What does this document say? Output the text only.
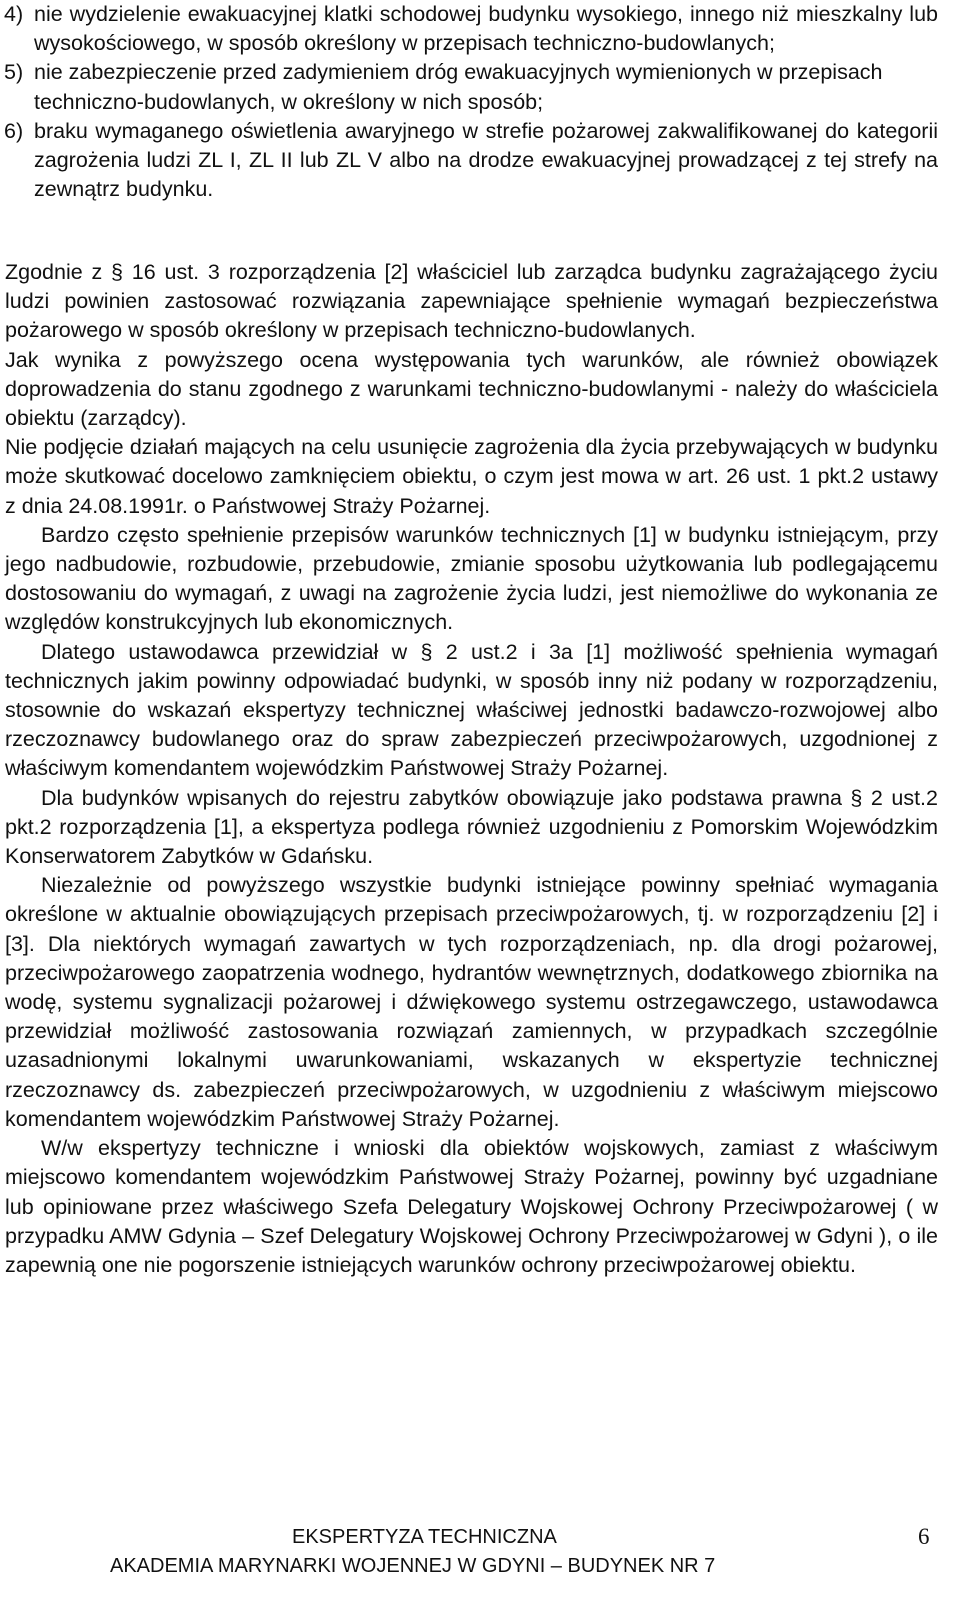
4) nie wydzielenie ewakuacyjnej klatki schodowej budynku wysokiego, innego niż mieszkalny lub wysokościowego, w sposób określony w przepisach techniczno-budowlanych;
5) nie zabezpieczenie przed zadymieniem dróg ewakuacyjnych wymienionych w przepisach techniczno-budowlanych, w określony w nich sposób;
6) braku wymaganego oświetlenia awaryjnego w strefie pożarowej zakwalifikowanej do kategorii zagrożenia ludzi ZL I, ZL II lub ZL V albo na drodze ewakuacyjnej prowadzącej z tej strefy na zewnątrz budynku.

Zgodnie z § 16 ust. 3 rozporządzenia [2] właściciel lub zarządca budynku zagrażającego życiu ludzi powinien zastosować rozwiązania zapewniające spełnienie wymagań bezpieczeństwa pożarowego w sposób określony w przepisach techniczno-budowlanych.

Jak wynika z powyższego ocena występowania tych warunków, ale również obowiązek doprowadzenia do stanu zgodnego z warunkami techniczno-budowlanymi - należy do właściciela obiektu (zarządcy).

Nie podjęcie działań mających na celu usunięcie zagrożenia dla życia przebywających w budynku może skutkować docelowo zamknięciem obiektu, o czym jest mowa w art. 26 ust. 1 pkt.2 ustawy z dnia 24.08.1991r. o Państwowej Straży Pożarnej.

Bardzo często spełnienie przepisów warunków technicznych [1] w budynku istniejącym, przy jego nadbudowie, rozbudowie, przebudowie, zmianie sposobu użytkowania lub podlegającemu dostosowaniu do wymagań, z uwagi na zagrożenie życia ludzi, jest niemożliwe do wykonania ze względów konstrukcyjnych lub ekonomicznych.

Dlatego ustawodawca przewidział w § 2 ust.2 i 3a [1] możliwość spełnienia wymagań technicznych jakim powinny odpowiadać budynki, w sposób inny niż podany w rozporządzeniu, stosownie do wskazań ekspertyzy technicznej właściwej jednostki badawczo-rozwojowej albo rzeczoznawcy budowlanego oraz do spraw zabezpieczeń przeciwpożarowych, uzgodnionej z właściwym komendantem wojewódzkim Państwowej Straży Pożarnej.

Dla budynków wpisanych do rejestru zabytków obowiązuje jako podstawa prawna § 2 ust.2 pkt.2 rozporządzenia [1], a ekspertyza podlega również uzgodnieniu z Pomorskim Wojewódzkim Konserwatorem Zabytków w Gdańsku.

Niezależnie od powyższego wszystkie budynki istniejące powinny spełniać wymagania określone w aktualnie obowiązujących przepisach przeciwpożarowych, tj. w rozporządzeniu [2] i [3]. Dla niektórych wymagań zawartych w tych rozporządzeniach, np. dla drogi pożarowej, przeciwpożarowego zaopatrzenia wodnego, hydrantów wewnętrznych, dodatkowego zbiornika na wodę, systemu sygnalizacji pożarowej i dźwiękowego systemu ostrzegawczego, ustawodawca przewidział możliwość zastosowania rozwiązań zamiennych, w przypadkach szczególnie uzasadnionymi lokalnymi uwarunkowaniami, wskazanych w ekspertyzie technicznej rzeczoznawcy ds. zabezpieczeń przeciwpożarowych, w uzgodnieniu z właściwym miejscowo komendantem wojewódzkim Państwowej Straży Pożarnej.

W/w ekspertyzy techniczne i wnioski dla obiektów wojskowych, zamiast z właściwym miejscowo komendantem wojewódzkim Państwowej Straży Pożarnej, powinny być uzgadniane lub opiniowane przez właściwego Szefa Delegatury Wojskowej Ochrony Przeciwpożarowej ( w przypadku AMW Gdynia – Szef Delegatury Wojskowej Ochrony Przeciwpożarowej w Gdyni ), o ile zapewnią one nie pogorszenie istniejących warunków ochrony przeciwpożarowej obiektu.

EKSPERTYZA TECHNICZNA
AKADEMIA MARYNARKI WOJENNEJ W GDYNI – BUDYNEK NR 7
6
